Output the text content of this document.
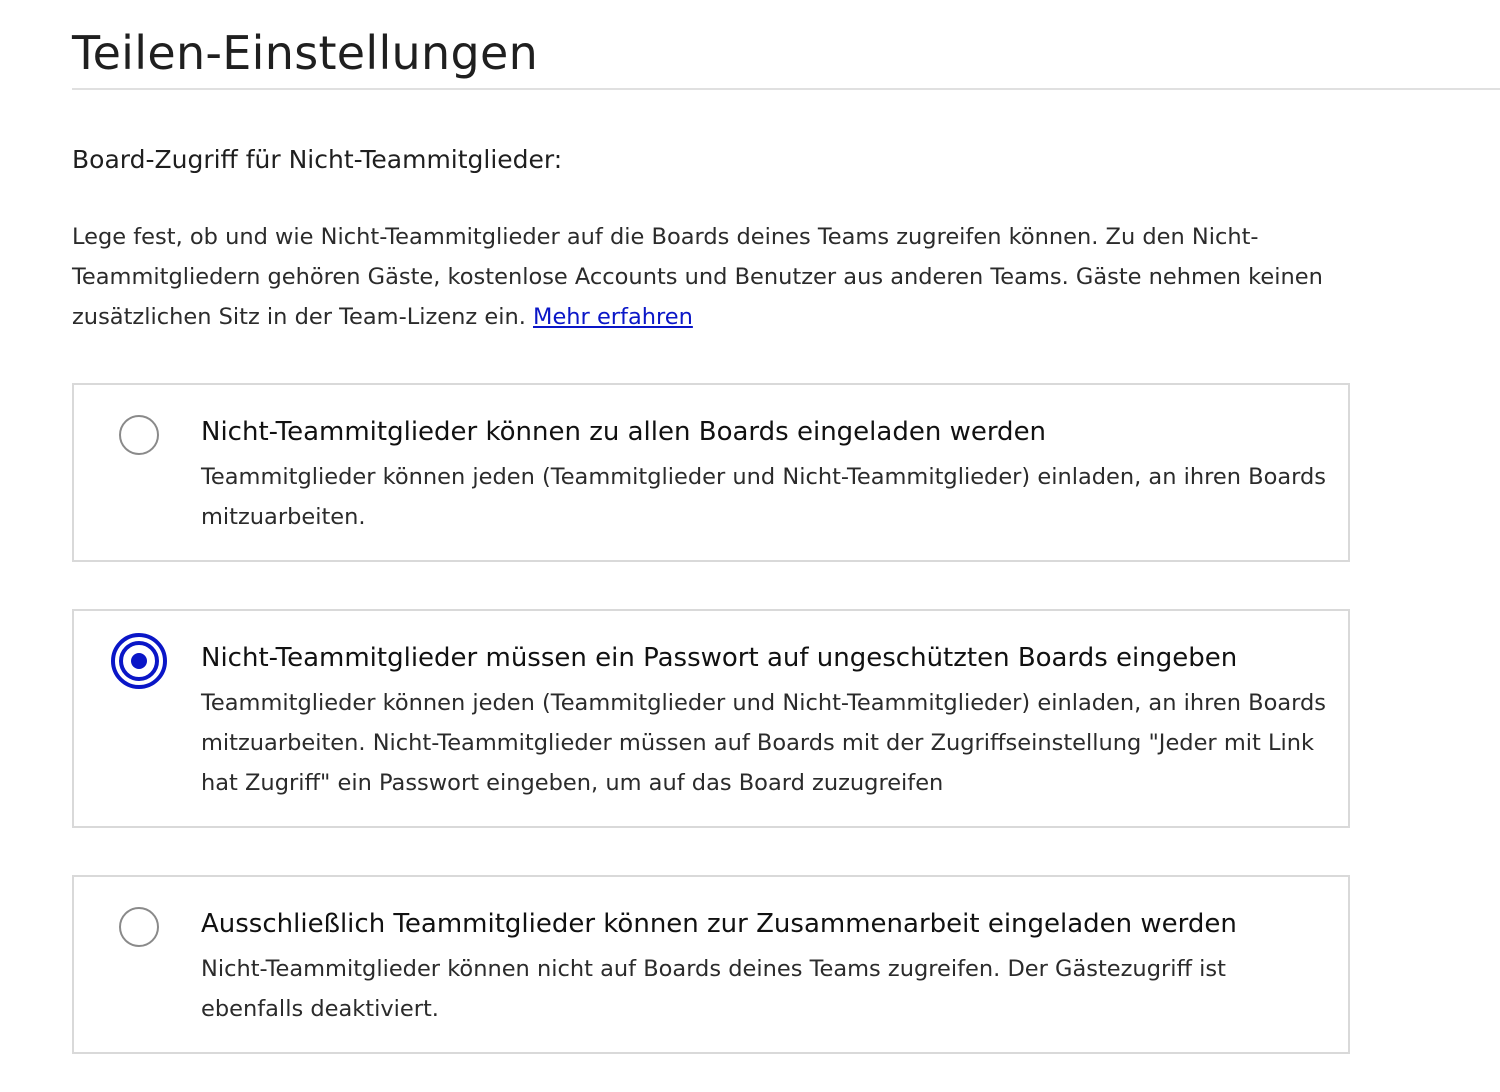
Teilen-Einstellungen
Board-Zugriff für Nicht-Teammitglieder:

Lege fest, ob und wie Nicht-Teammitglieder auf die Boards deines Teams zugreifen können. Zu den Nicht-Teammitgliedern gehören Gäste, kostenlose Accounts und Benutzer aus anderen Teams. Gäste nehmen keinen zusätzlichen Sitz in der Team-Lizenz ein. Mehr erfahren

Nicht-Teammitglieder können zu allen Boards eingeladen werden

Teammitglieder können jeden (Teammitglieder und Nicht-Teammitglieder) einladen, an ihren Boards mitzuarbeiten.

Nicht-Teammitglieder müssen ein Passwort auf ungeschützten Boards eingeben

Teammitglieder können jeden (Teammitglieder und Nicht-Teammitglieder) einladen, an ihren Boards mitzuarbeiten. Nicht-Teammitglieder müssen auf Boards mit der Zugriffseinstellung "Jeder mit Link hat Zugriff" ein Passwort eingeben, um auf das Board zuzugreifen

Ausschließlich Teammitglieder können zur Zusammenarbeit eingeladen werden

Nicht-Teammitglieder können nicht auf Boards deines Teams zugreifen. Der Gästezugriff ist ebenfalls deaktiviert.
